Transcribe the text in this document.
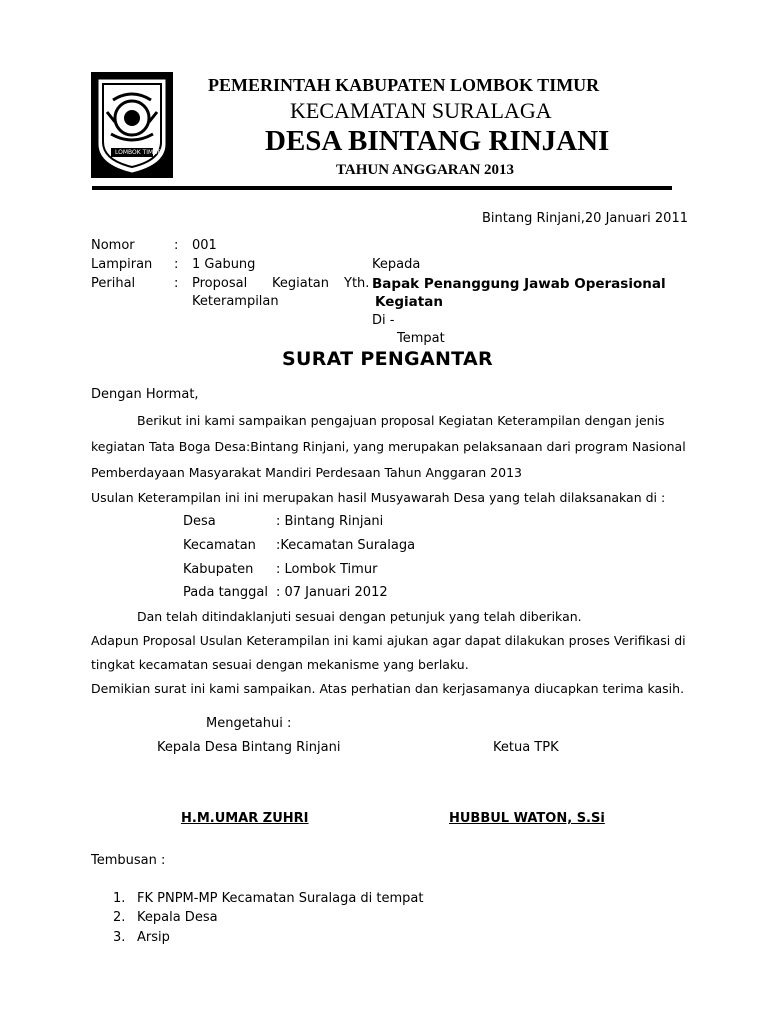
LOMBOK TIMUR
PEMERINTAH KABUPATEN LOMBOK TIMUR
KECAMATAN SURALAGA
DESA BINTANG RINJANI
TAHUN ANGGARAN 2013
Bintang Rinjani,20 Januari 2011
Nomor	: 001
Lampiran : 1 Gabung
Perihal	: Proposal Kegiatan Yth.
Keterampilan
Kepada
Bapak Penanggung Jawab Operasional
Kegiatan
Di -
Tempat
SURAT PENGANTAR
Dengan Hormat,
Berikut ini kami sampaikan pengajuan proposal Kegiatan Keterampilan dengan jenis
kegiatan Tata Boga Desa:Bintang Rinjani, yang merupakan pelaksanaan dari program Nasional
Pemberdayaan Masyarakat Mandiri Perdesaan Tahun Anggaran 2013
Usulan Keterampilan ini ini merupakan hasil Musyawarah Desa yang telah dilaksanakan di :
Desa	: Bintang Rinjani
Kecamatan :Kecamatan Suralaga
Kabupaten : Lombok Timur
Pada tanggal : 07 Januari 2012
Dan telah ditindaklanjuti sesuai dengan petunjuk yang telah diberikan.
Adapun Proposal Usulan Keterampilan ini kami ajukan agar dapat dilakukan proses Verifikasi di
tingkat kecamatan sesuai dengan mekanisme yang berlaku.
Demikian surat ini kami sampaikan. Atas perhatian dan kerjasamanya diucapkan terima kasih.
Mengetahui :
Kepala Desa Bintang Rinjani	Ketua TPK
H.M.UMAR ZUHRI	HUBBUL WATON, S.Si
Tembusan :
1. FK PNPM-MP Kecamatan Suralaga di tempat
2. Kepala Desa
3. Arsip
